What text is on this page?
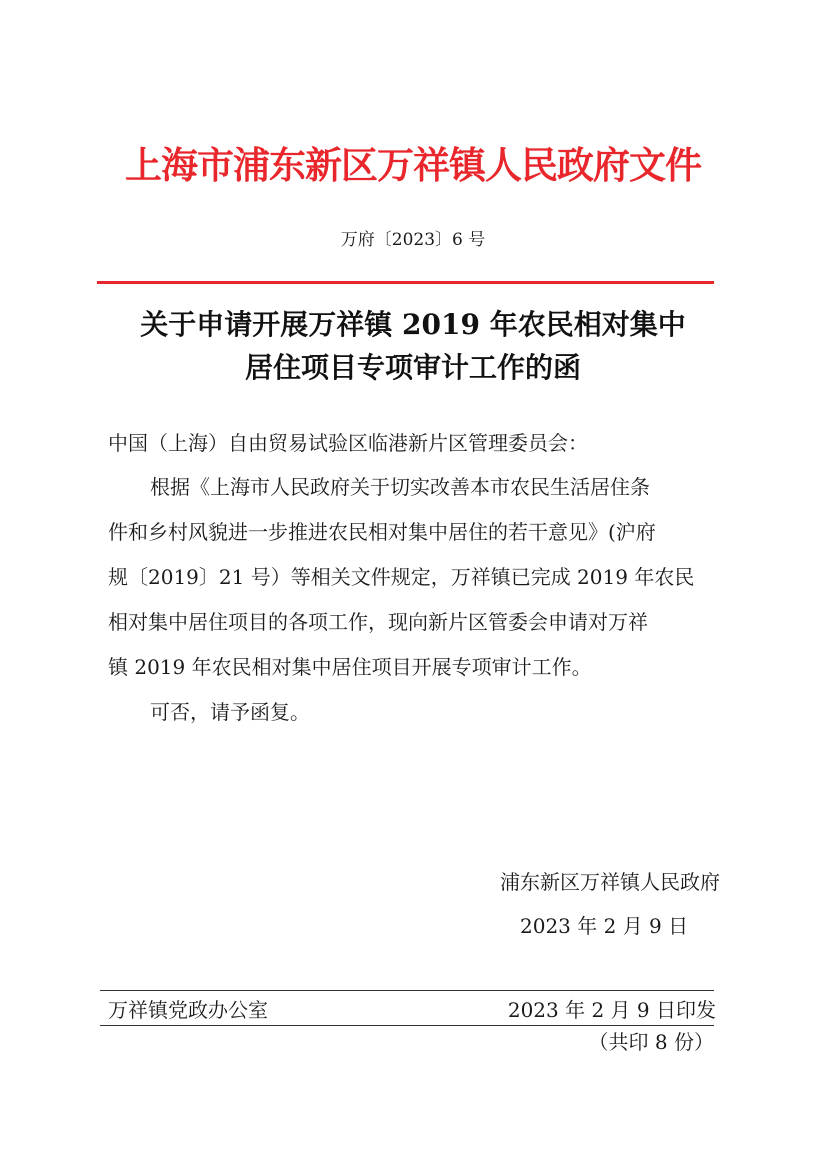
上海市浦东新区万祥镇人民政府文件
万府〔2023〕6 号
关于申请开展万祥镇 2019 年农民相对集中
居住项目专项审计工作的函
中国（上海）自由贸易试验区临港新片区管理委员会：
根据《上海市人民政府关于切实改善本市农民生活居住条
件和乡村风貌进一步推进农民相对集中居住的若干意见》(沪府
规〔2019〕21 号）等相关文件规定，万祥镇已完成 2019 年农民
相对集中居住项目的各项工作，现向新片区管委会申请对万祥
镇 2019 年农民相对集中居住项目开展专项审计工作。
可否，请予函复。
浦东新区万祥镇人民政府
2023 年 2 月 9 日
万祥镇党政办公室	2023 年 2 月 9 日印发
（共印 8 份）
